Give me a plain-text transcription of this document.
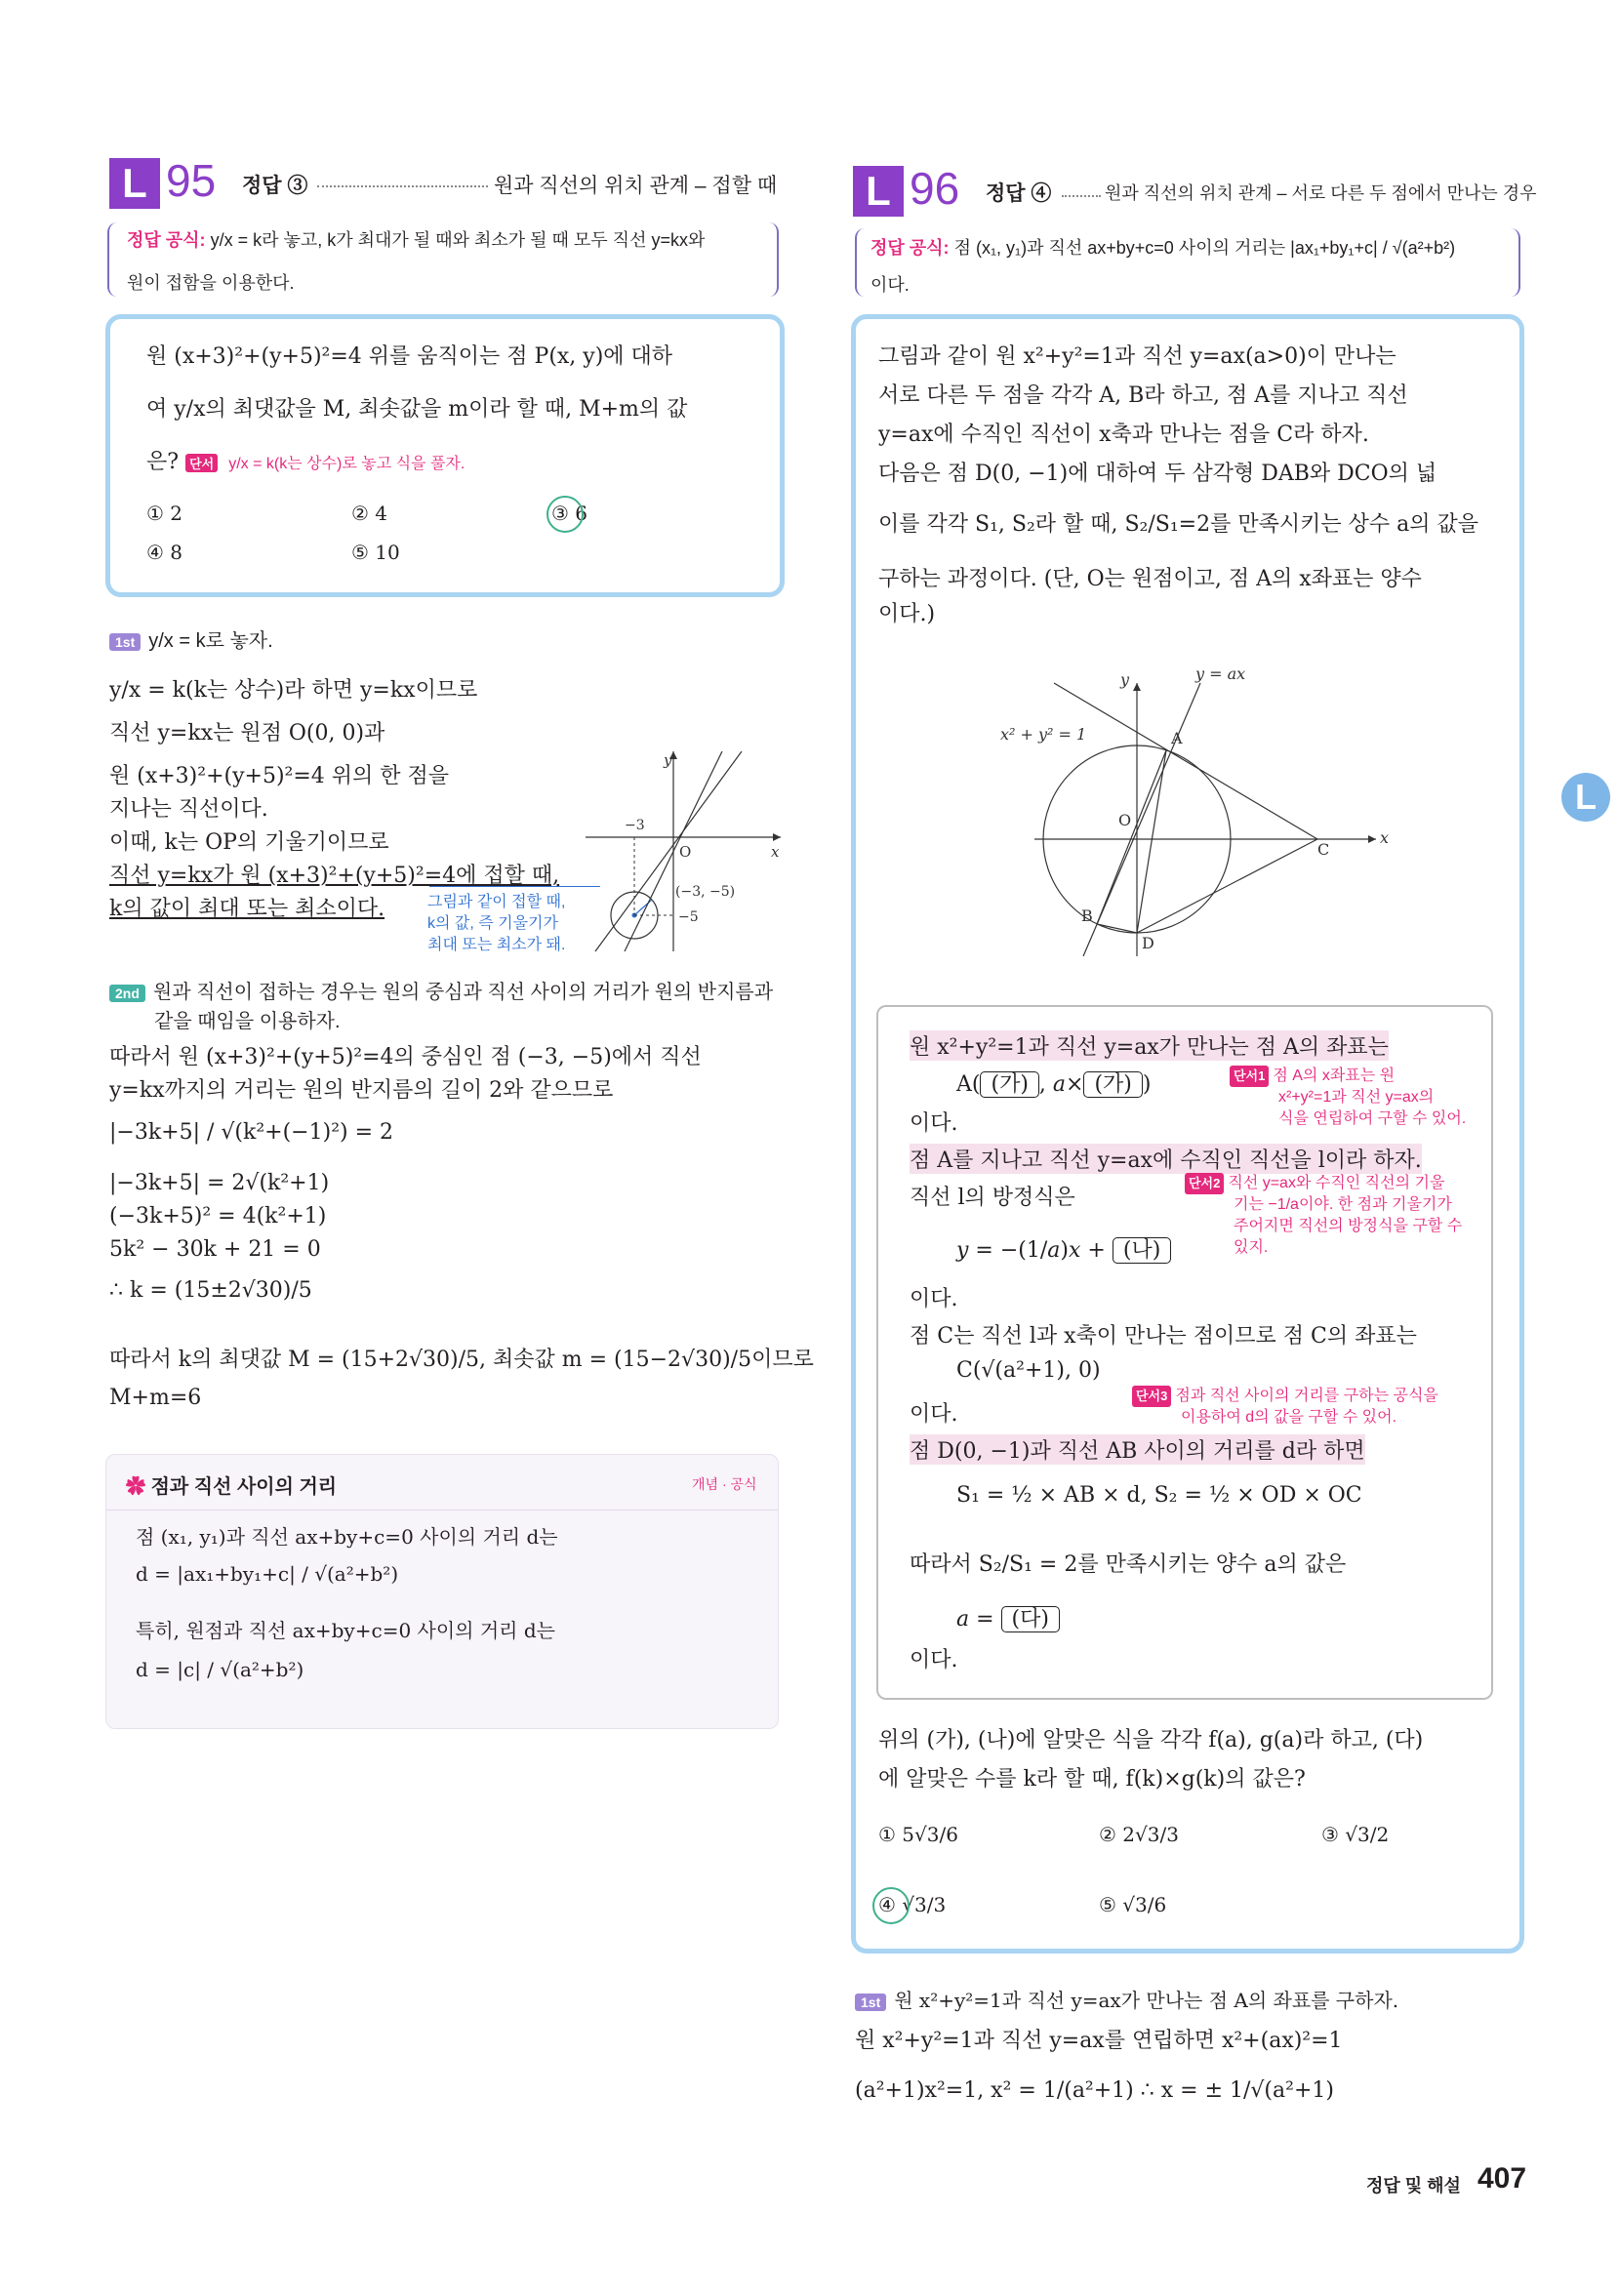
L 95 정답 ③	원과 직선의 위치 관계 – 접할 때
정답 공식: y/x = k라 놓고, k가 최대가 될 때와 최소가 될 때 모두 직선 y=kx와
원이 접함을 이용한다.
원 (x+3)²+(y+5)²=4 위를 움직이는 점 P(x, y)에 대하
여 y/x의 최댓값을 M, 최솟값을 m이라 할 때, M+m의 값
은? 단서 y/x = k(k는 상수)로 놓고 식을 풀자.
① 2	② 4	③ 6
④ 8	⑤ 10
1st y/x = k로 놓자.
y/x = k(k는 상수)라 하면 y=kx이므로
직선 y=kx는 원점 O(0, 0)과
원 (x+3)²+(y+5)²=4 위의 한 점을
지나는 직선이다.
이때, k는 OP의 기울기이므로
직선 y=kx가 원 (x+3)²+(y+5)²=4에 접할 때,
k의 값이 최대 또는 최소이다.	그림과 같이 접할 때,
k의 값, 즉 기울기가
최대 또는 최소가 돼.
y
x
O
−3
−5
(−3, −5)
2nd 원과 직선이 접하는 경우는 원의 중심과 직선 사이의 거리가 원의 반지름과
같을 때임을 이용하자.
따라서 원 (x+3)²+(y+5)²=4의 중심인 점 (−3, −5)에서 직선
y=kx까지의 거리는 원의 반지름의 길이 2와 같으므로
|−3k+5| / √(k²+(−1)²) = 2
|−3k+5| = 2√(k²+1)
(−3k+5)² = 4(k²+1)
5k² − 30k + 21 = 0
∴ k = (15±2√30)/5
따라서 k의 최댓값 M = (15+2√30)/5, 최솟값 m = (15−2√30)/5이므로
M+m=6
✿ 점과 직선 사이의 거리	개념 · 공식
점 (x₁, y₁)과 직선 ax+by+c=0 사이의 거리 d는
d = |ax₁+by₁+c| / √(a²+b²)
특히, 원점과 직선 ax+by+c=0 사이의 거리 d는
d = |c| / √(a²+b²)
L 96 정답 ④	원과 직선의 위치 관계 – 서로 다른 두 점에서 만나는 경우
정답 공식: 점 (x₁, y₁)과 직선 ax+by+c=0 사이의 거리는 |ax₁+by₁+c| / √(a²+b²)
이다.
그림과 같이 원 x²+y²=1과 직선 y=ax(a>0)이 만나는
서로 다른 두 점을 각각 A, B라 하고, 점 A를 지나고 직선
y=ax에 수직인 직선이 x축과 만나는 점을 C라 하자.
다음은 점 D(0, −1)에 대하여 두 삼각형 DAB와 DCO의 넓
이를 각각 S₁, S₂라 할 때, S₂/S₁=2를 만족시키는 상수 a의 값을
구하는 과정이다. (단, O는 원점이고, 점 A의 x좌표는 양수
이다.)
y
x
y = ax
x² + y² = 1	A
B
C
D
O
원 x²+y²=1과 직선 y=ax가 만나는 점 A의 좌표는
A( (가) , a× (가) )
이다.
점 A를 지나고 직선 y=ax에 수직인 직선을 l이라 하자.
직선 l의 방정식은
y = −(1/a)x + (나)
이다.
점 C는 직선 l과 x축이 만나는 점이므로 점 C의 좌표는
C(√(a²+1), 0)
이다.
점 D(0, −1)과 직선 AB 사이의 거리를 d라 하면
S₁ = ½ × AB × d, S₂ = ½ × OD × OC
따라서 S₂/S₁ = 2를 만족시키는 양수 a의 값은
a = (다)
이다.
단서1 점 A의 x좌표는 원
x²+y²=1과 직선 y=ax의
식을 연립하여 구할 수 있어.
단서2 직선 y=ax와 수직인 직선의 기울
기는 −1/a이야. 한 점과 기울기가
주어지면 직선의 방정식을 구할 수
있지.
단서3 점과 직선 사이의 거리를 구하는 공식을
이용하여 d의 값을 구할 수 있어.
위의 (가), (나)에 알맞은 식을 각각 f(a), g(a)라 하고, (다)
에 알맞은 수를 k라 할 때, f(k)×g(k)의 값은?
① 5√3/6	② 2√3/3	③ √3/2
④ √3/3	⑤ √3/6
1st 원 x²+y²=1과 직선 y=ax가 만나는 점 A의 좌표를 구하자.
원 x²+y²=1과 직선 y=ax를 연립하면 x²+(ax)²=1
(a²+1)x²=1, x² = 1/(a²+1) ∴ x = ± 1/√(a²+1)
L
정답 및 해설 407
